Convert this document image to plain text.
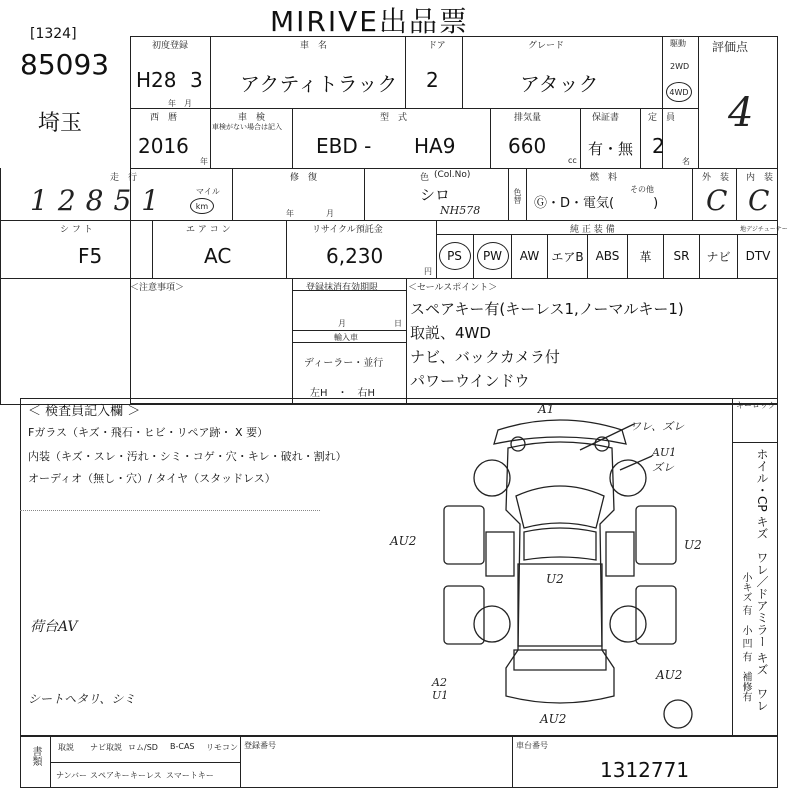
MIRIVE出品票
[1324]
85093
埼玉
初度登録
H28 3
年　月
車　名
アクティトラック
ドア
2
グレード
アタック
駆動
2WD
4WD
評価点
4
西　暦
2016
年
車　検
車検がない場合は記入
型　式
EBD - HA9
排気量
660
cc
保証書
有・無
定　員
2
名
走　行
12851	マイル
km
修　復
年　　　　月
色 (Col.No)
シロ
NH578
色替
燃　料
その他
Ⓖ・D・電気(　　　)
外　装
C
内　装
C
シ フ ト
F5
エ ア コ ン
AC
リサイクル預託金
6,230
円
純 正 装 備
PS PW	AW	エアB ABS	革	SR	ナビ	DTV
地デジチューナー
＜注意事項＞	登録抹消有効期限
月	日
輸入車
ディーラー・並行
左H　・　右H
＜セールスポイント＞
スペアキー有(キーレス1,ノーマルキー1)
取説、4WD
ナビ、バックカメラ付
パワーウインドウ
＜ 検査員記入欄 ＞
Fガラス（キズ・飛石・ヒビ・リペア跡・ X 要）
内装（キズ・スレ・汚れ・シミ・コゲ・穴・キレ・破れ・割れ）
オーディオ（無し・穴）/ タイヤ（スタッドレス）
荷台AV
シートヘタリ、シミ
キーロック
ホイル・CP キズ　ワレ／ドアミラー キズ　ワレ
小キズ 有　小 凹 有　補修有
A1
ワレ、ズレ
AU1
ズレ
AU2	U2
U2
A2
U1
AU2
AU2
書類 取説 ナビ取説 ロム/SD B-CAS リモコン
ナンバー スペアキー キーレス スマートキー
登録番号	車台番号
1312771
